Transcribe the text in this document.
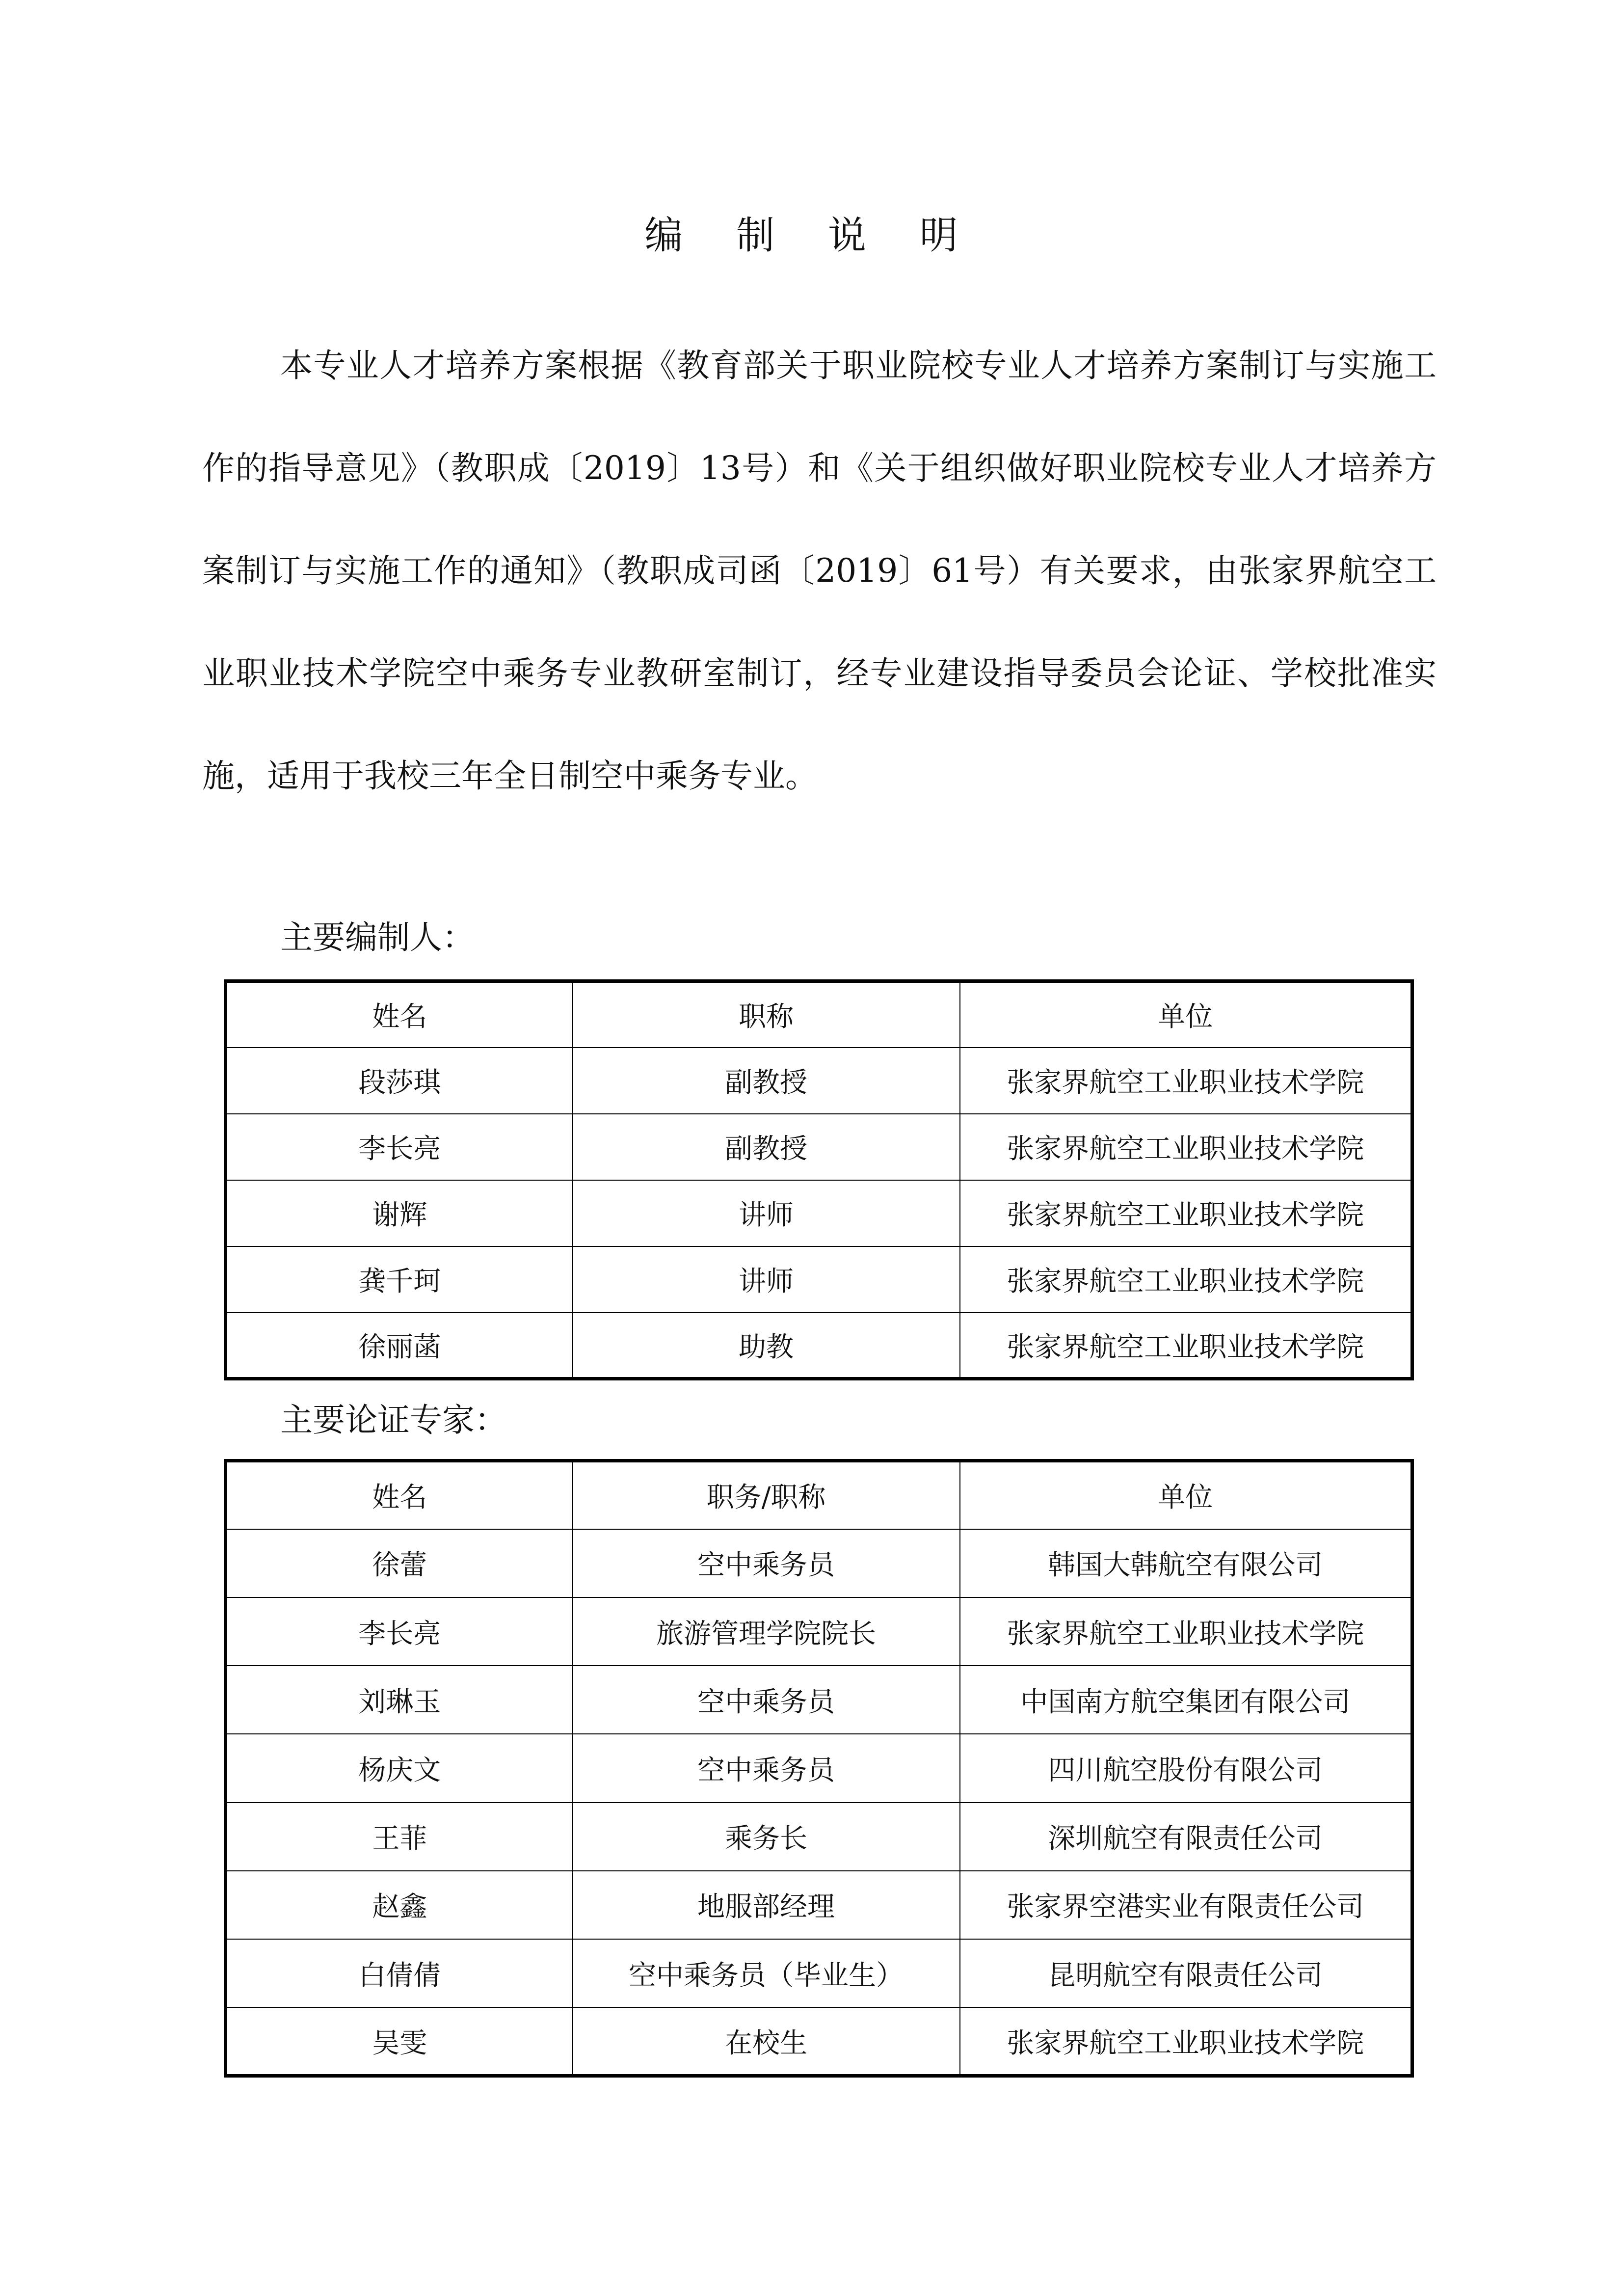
编 制 说 明

本专业人才培养方案根据《教育部关于职业院校专业人才培养方案制订与实施工作的指导意见》（教职成〔2019〕13号）和《关于组织做好职业院校专业人才培养方案制订与实施工作的通知》（教职成司函〔2019〕61号）有关要求，由张家界航空工业职业技术学院空中乘务专业教研室制订，经专业建设指导委员会论证、学校批准实施，适用于我校三年全日制空中乘务专业。

主要编制人：
姓名	职称	单位
段莎琪	副教授	张家界航空工业职业技术学院
李长亮	副教授	张家界航空工业职业技术学院
谢辉	讲师	张家界航空工业职业技术学院
龚千珂	讲师	张家界航空工业职业技术学院
徐丽菡	助教	张家界航空工业职业技术学院
主要论证专家：
姓名	职务/职称	单位
徐蕾	空中乘务员	韩国大韩航空有限公司
李长亮	旅游管理学院院长	张家界航空工业职业技术学院
刘琳玉	空中乘务员	中国南方航空集团有限公司
杨庆文	空中乘务员	四川航空股份有限公司
王菲	乘务长	深圳航空有限责任公司
赵鑫	地服部经理	张家界空港实业有限责任公司
白倩倩	空中乘务员（毕业生）	昆明航空有限责任公司
吴雯	在校生	张家界航空工业职业技术学院
